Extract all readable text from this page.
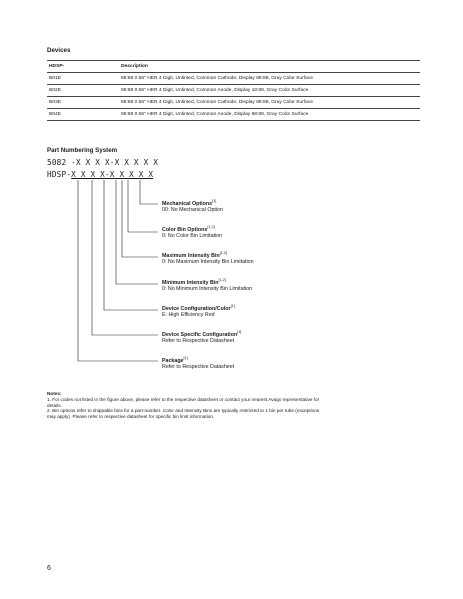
Devices
HDSP-	Description
B01E	88:88 0.56" HER 4 Digit, Untinted, Common Cathode, Display 88:88, Gray Color Surface
B02E	88:88 0.56" HER 4 Digit, Untinted, Common Anode, Display 18:88, Gray Color Surface
B03E	88:88 0.56" HER 4 Digit, Untinted, Common Cathode, Display 88:88, Gray Color Surface
B04E	88:88 0.56" HER 4 Digit, Untinted, Common Anode, Display 88:88, Gray Color Surface
Part Numbering System
5082 -X X X X-X X X X X
HDSP-X X X X-X X X X X
Mechanical Options[1]
00: No Mechanical Option
Color Bin Options[1,2]
0: No Color Bin Limitation
Maximum Intensity Bin[1,2]
0: No Maximum Intensity Bin Limitation
Minimum Intensity Bin[1,2]
0: No Minimum Intensity Bin Limitation
Device Configuration/Color[1]
E: High Efficiency Red
Device Specific Configuration[1]
Refer to Respective Datasheet
Package[1]
Refer to Respective Datasheet
Notes:

1. For codes not listed in the figure above, please refer to the respective datasheet or contact your nearest Avago representative for details.
2. Bin options refer to shippable bins for a part-number. Color and Intensity Bins are typically restricted to 1 bin per tube (exceptions may apply). Please refer to respective datasheet for specific bin limit information.
6
